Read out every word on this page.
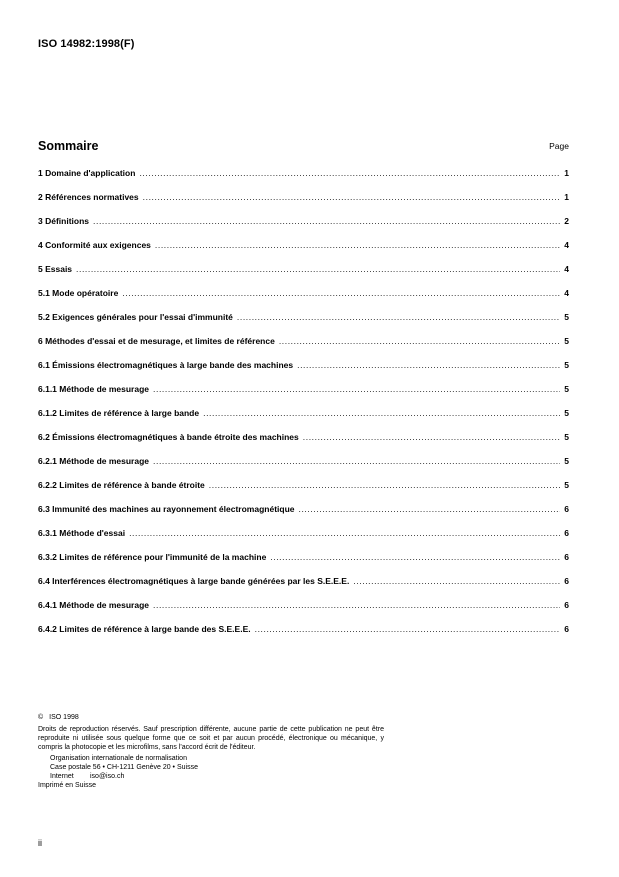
ISO 14982:1998(F)
Sommaire	Page
1 Domaine d'application .....	1
2 Références normatives .....	1
3 Définitions .....	2
4 Conformité aux exigences .....	4
5 Essais .....	4
5.1 Mode opératoire .....	4
5.2 Exigences générales pour l'essai d'immunité .....	5
6 Méthodes d'essai et de mesurage, et limites de référence .....	5
6.1 Émissions électromagnétiques à large bande des machines .....	5
6.1.1 Méthode de mesurage .....	5
6.1.2 Limites de référence à large bande .....	5
6.2 Émissions électromagnétiques à bande étroite des machines .....	5
6.2.1 Méthode de mesurage .....	5
6.2.2 Limites de référence à bande étroite .....	5
6.3 Immunité des machines au rayonnement électromagnétique .....	6
6.3.1 Méthode d'essai .....	6
6.3.2 Limites de référence pour l'immunité de la machine .....	6
6.4 Interférences électromagnétiques à large bande générées par les S.E.E.E. .....	6
6.4.1 Méthode de mesurage .....	6
6.4.2 Limites de référence à large bande des S.E.E.E. .....	6
© ISO 1998

Droits de reproduction réservés. Sauf prescription différente, aucune partie de cette publication ne peut être reproduite ni utilisée sous quelque forme que ce soit et par aucun procédé, électronique ou mécanique, y compris la photocopie et les microfilms, sans l'accord écrit de l'éditeur.

Organisation internationale de normalisation
Case postale 56 • CH-1211 Genève 20 • Suisse
Internet iso@iso.ch
Imprimé en Suisse
ii
